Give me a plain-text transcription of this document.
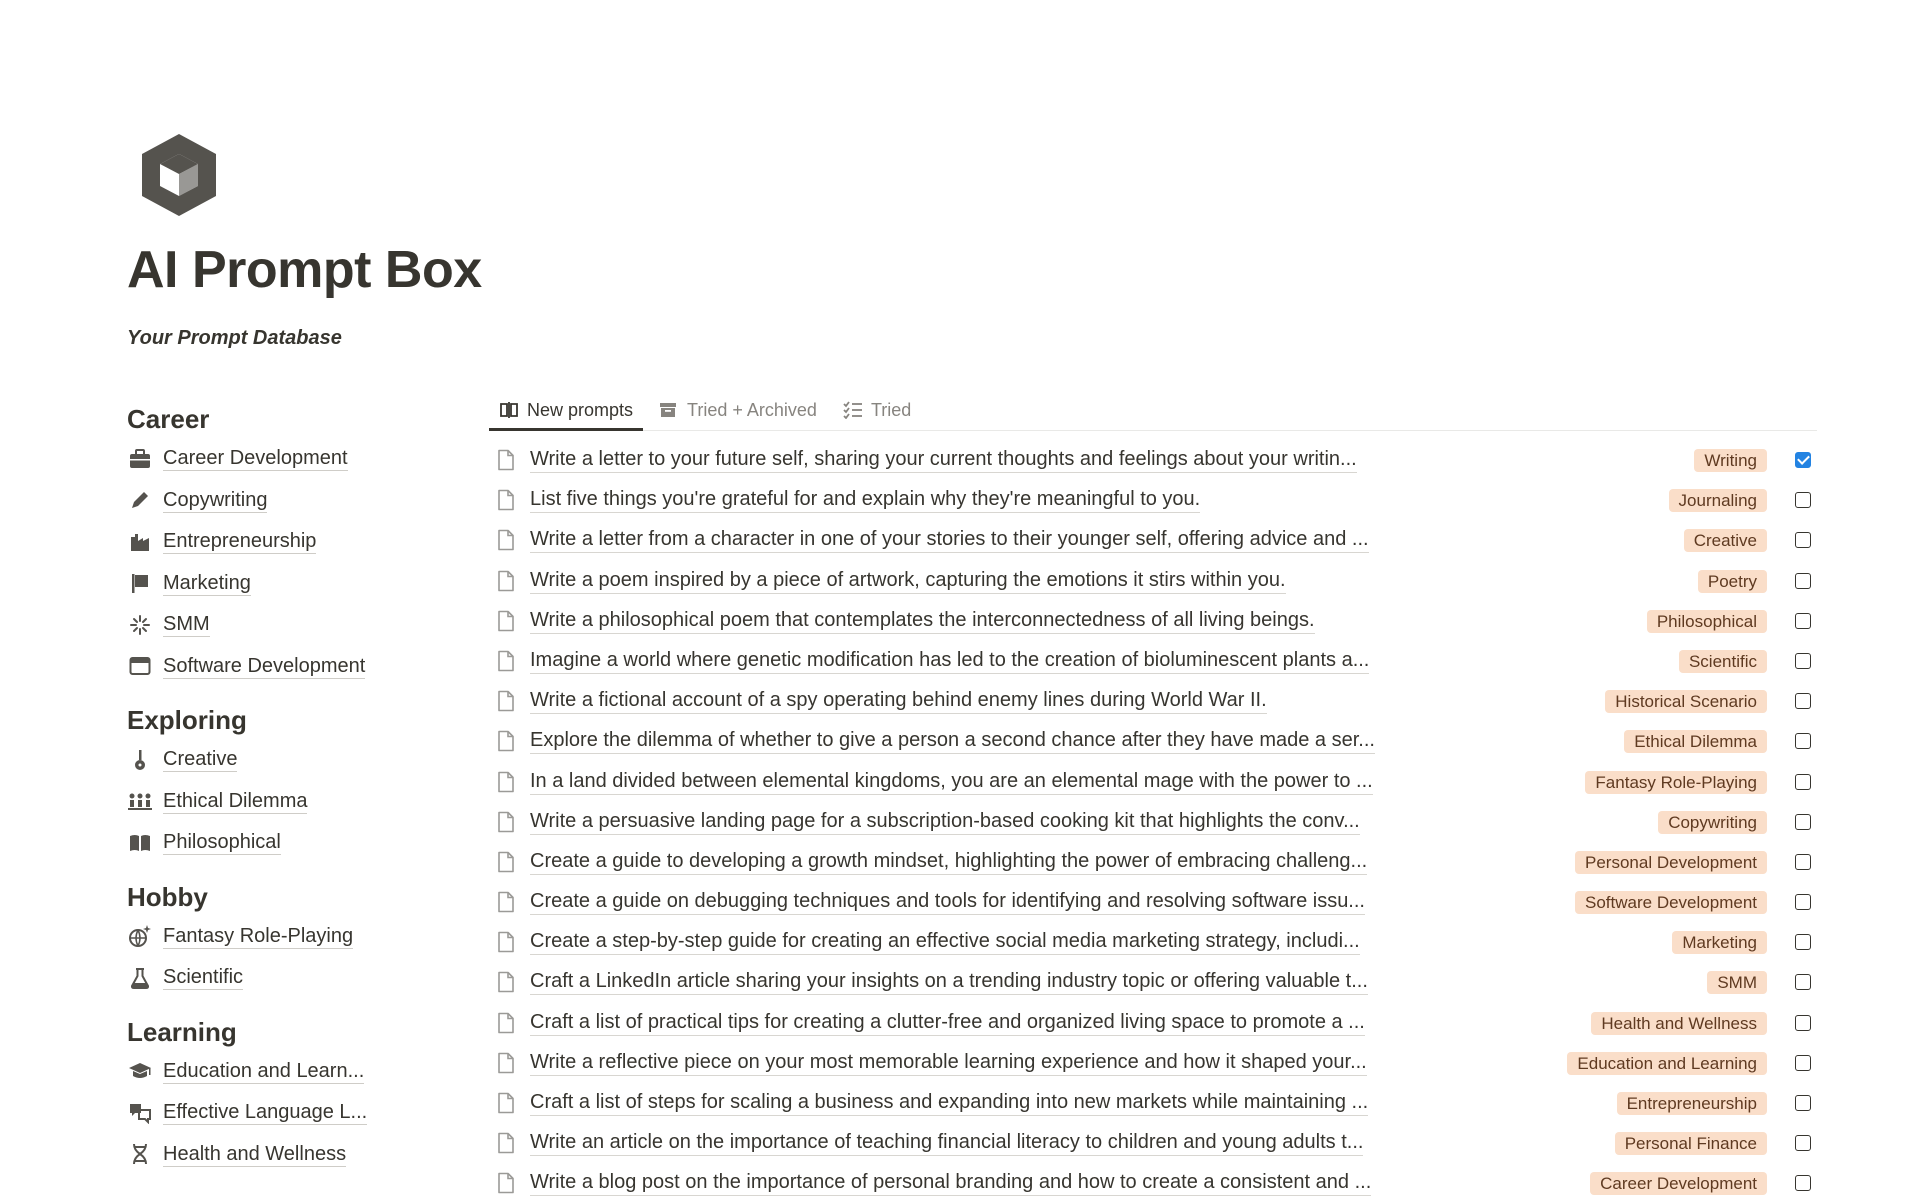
AI Prompt Box
Your Prompt Database
Career
Career Development
Copywriting
Entrepreneurship
Marketing
SMM
Software Development
Exploring
Creative
Ethical Dilemma
Philosophical
Hobby
Fantasy Role-Playing
Scientific
Learning
Education and Learn...
Effective Language L...
Health and Wellness
New prompts	Tried + Archived	Tried
Write a letter to your future self, sharing your current thoughts and feelings about your writin...	Writing
List five things you're grateful for and explain why they're meaningful to you.	Journaling
Write a letter from a character in one of your stories to their younger self, offering advice and ...	Creative
Write a poem inspired by a piece of artwork, capturing the emotions it stirs within you.	Poetry
Write a philosophical poem that contemplates the interconnectedness of all living beings.	Philosophical
Imagine a world where genetic modification has led to the creation of bioluminescent plants a...	Scientific
Write a fictional account of a spy operating behind enemy lines during World War II.	Historical Scenario
Explore the dilemma of whether to give a person a second chance after they have made a ser...	Ethical Dilemma
In a land divided between elemental kingdoms, you are an elemental mage with the power to ...	Fantasy Role-Playing
Write a persuasive landing page for a subscription-based cooking kit that highlights the conv...	Copywriting
Create a guide to developing a growth mindset, highlighting the power of embracing challeng...	Personal Development
Create a guide on debugging techniques and tools for identifying and resolving software issu...	Software Development
Create a step-by-step guide for creating an effective social media marketing strategy, includi...	Marketing
Craft a LinkedIn article sharing your insights on a trending industry topic or offering valuable t...	SMM
Craft a list of practical tips for creating a clutter-free and organized living space to promote a ...	Health and Wellness
Write a reflective piece on your most memorable learning experience and how it shaped your...	Education and Learning
Craft a list of steps for scaling a business and expanding into new markets while maintaining ...	Entrepreneurship
Write an article on the importance of teaching financial literacy to children and young adults t...	Personal Finance
Write a blog post on the importance of personal branding and how to create a consistent and ...	Career Development
